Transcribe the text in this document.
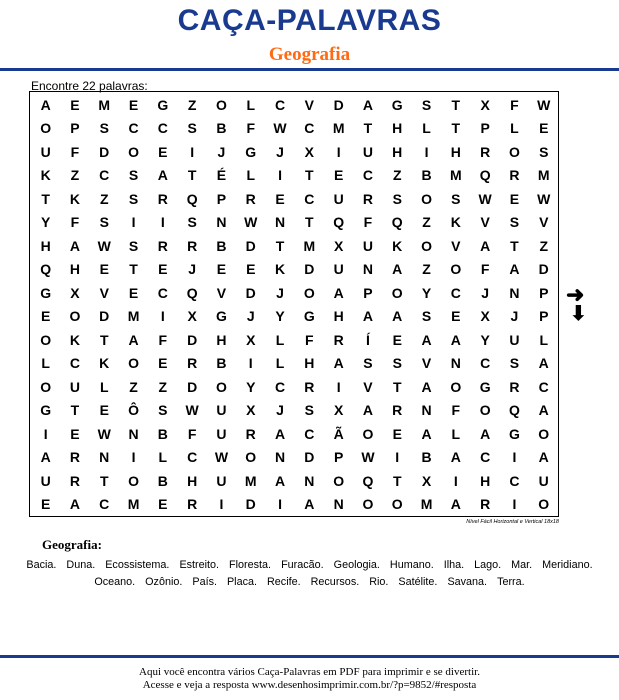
CAÇA-PALAVRAS
Geografia
Encontre 22 palavras:
A	E	M	E	G	Z	O	L	C	V	D	A	G	S	T	X	F	W
O	P	S	C	C	S	B	F	W	C	M	T	H	L	T	P	L	E
U	F	D	O	E	I	J	G	J	X	I	U	H	I	H	R	O	S
K	Z	C	S	A	T	É	L	I	T	E	C	Z	B	M	Q	R	M
T	K	Z	S	R	Q	P	R	E	C	U	R	S	O	S	W	E	W
Y	F	S	I	I	S	N	W	N	T	Q	F	Q	Z	K	V	S	V
H	A	W	S	R	R	B	D	T	M	X	U	K	O	V	A	T	Z
Q	H	E	T	E	J	E	E	K	D	U	N	A	Z	O	F	A	D
G	X	V	E	C	Q	V	D	J	O	A	P	O	Y	C	J	N	P
E	O	D	M	I	X	G	J	Y	G	H	A	A	S	E	X	J	P
O	K	T	A	F	D	H	X	L	F	R	Í	E	A	A	Y	U	L
L	C	K	O	E	R	B	I	L	H	A	S	S	V	N	C	S	A
O	U	L	Z	Z	D	O	Y	C	R	I	V	T	A	O	G	R	C
G	T	E	Ô	S	W	U	X	J	S	X	A	R	N	F	O	Q	A
I	E	W	N	B	F	U	R	A	C	Ã	O	E	A	L	A	G	O
A	R	N	I	L	C	W	O	N	D	P	W	I	B	A	C	I	A
U	R	T	O	B	H	U	M	A	N	O	Q	T	X	I	H	C	U
E	A	C	M	E	R	I	D	I	A	N	O	O	M	A	R	I	O
Nível Fácil Horizontal e Vertical 18x18
➜
⬇
Geografia:
Bacia. Duna. Ecossistema. Estreito. Floresta. Furacão. Geologia. Humano. Ilha. Lago. Mar. Meridiano.Oceano. Ozônio. País. Placa. Recife. Recursos. Rio. Satélite. Savana. Terra.
Aqui você encontra vários Caça-Palavras em PDF para imprimir e se divertir.
Acesse e veja a resposta www.desenhosimprimir.com.br/?p=9852/#resposta
